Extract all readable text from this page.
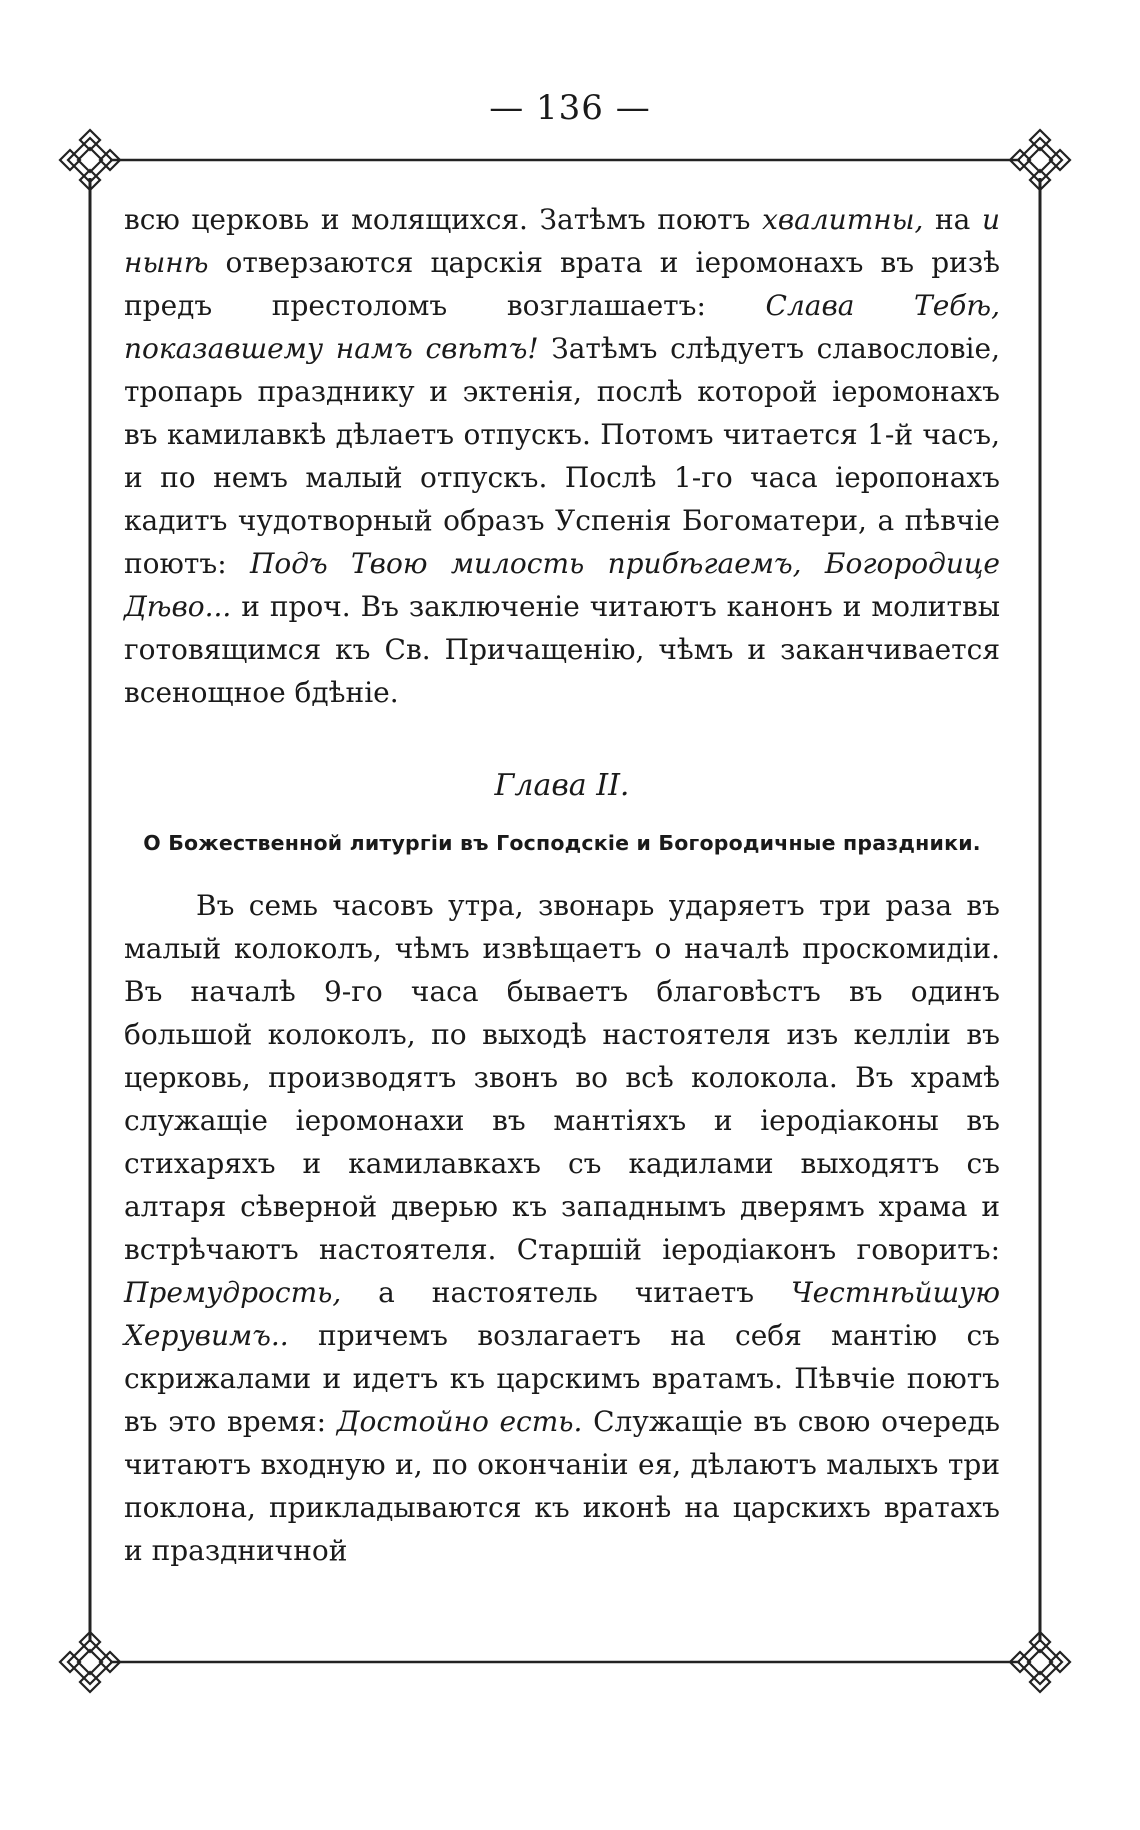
— 136 —

всю церковь и молящихся. Затѣмъ поютъ хвалитны, на и нынѣ отверзаются царскія врата и іеромонахъ въ ризѣ предъ престоломъ возглашаетъ: Слава Тебѣ, показавшему намъ свѣтъ! Затѣмъ слѣдуетъ славословіе, тропарь празднику и эктенія, послѣ которой іеромонахъ въ камилавкѣ дѣлаетъ отпускъ. Потомъ читается 1-й часъ, и по немъ малый отпускъ. Послѣ 1-го часа іеропонахъ кадитъ чудотворный образъ Успенія Богоматери, а пѣвчіе поютъ: Подъ Твою милость прибѣгаемъ, Богородице Дѣво... и проч. Въ заключеніе читаютъ канонъ и молитвы готовящимся къ Св. Причащенію, чѣмъ и заканчивается всенощное бдѣніе.

Глава II.
О Божественной литургіи въ Господскіе и Богородичные праздники.

Въ семь часовъ утра, звонарь ударяетъ три раза въ малый колоколъ, чѣмъ извѣщаетъ о началѣ проскомидіи. Въ началѣ 9-го часа бываетъ благовѣстъ въ одинъ большой колоколъ, по выходѣ настоятеля изъ келліи въ церковь, производятъ звонъ во всѣ колокола. Въ храмѣ служащіе іеромонахи въ мантіяхъ и іеродіаконы въ стихаряхъ и камилавкахъ съ кадилами выходятъ съ алтаря сѣверной дверью къ западнымъ дверямъ храма и встрѣчаютъ настоятеля. Старшій іеродіаконъ говоритъ: Премудрость, а настоятель читаетъ Честнѣйшую Херувимъ.. причемъ возлагаетъ на себя мантію съ скрижалами и идетъ къ царскимъ вратамъ. Пѣвчіе поютъ въ это время: Достойно есть. Служащіе въ свою очередь читаютъ входную и, по окончаніи ея, дѣлаютъ малыхъ три поклона, прикладываются къ иконѣ на царскихъ вратахъ и праздничной
